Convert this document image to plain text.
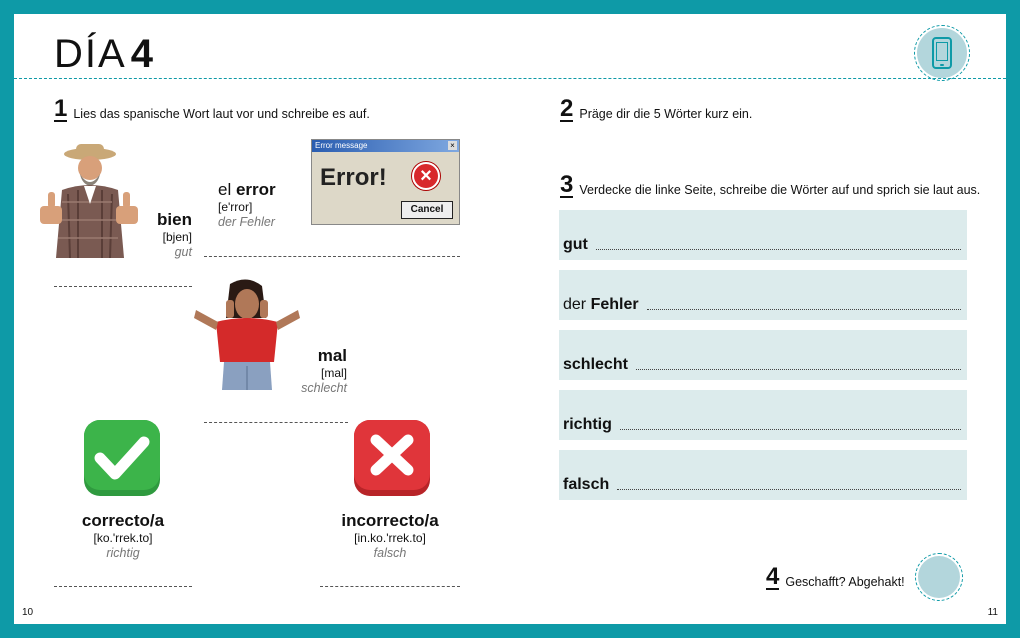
DÍA 4
1 Lies das spanische Wort laut vor und schreibe es auf.
bien
[bjen]
gut
el error
[e'rror]
der Fehler
Error message	×
Error!	×
Cancel
mal
[mal]
schlecht
correcto/a
[ko.'rrek.to]
richtig
incorrecto/a
[in.ko.'rrek.to]
falsch
2 Präge dir die 5 Wörter kurz ein.
3 Verdecke die linke Seite, schreibe die Wörter auf und sprich sie laut aus.
gut
der Fehler
schlecht
richtig
falsch
4 Geschafft? Abgehakt!
10	11
